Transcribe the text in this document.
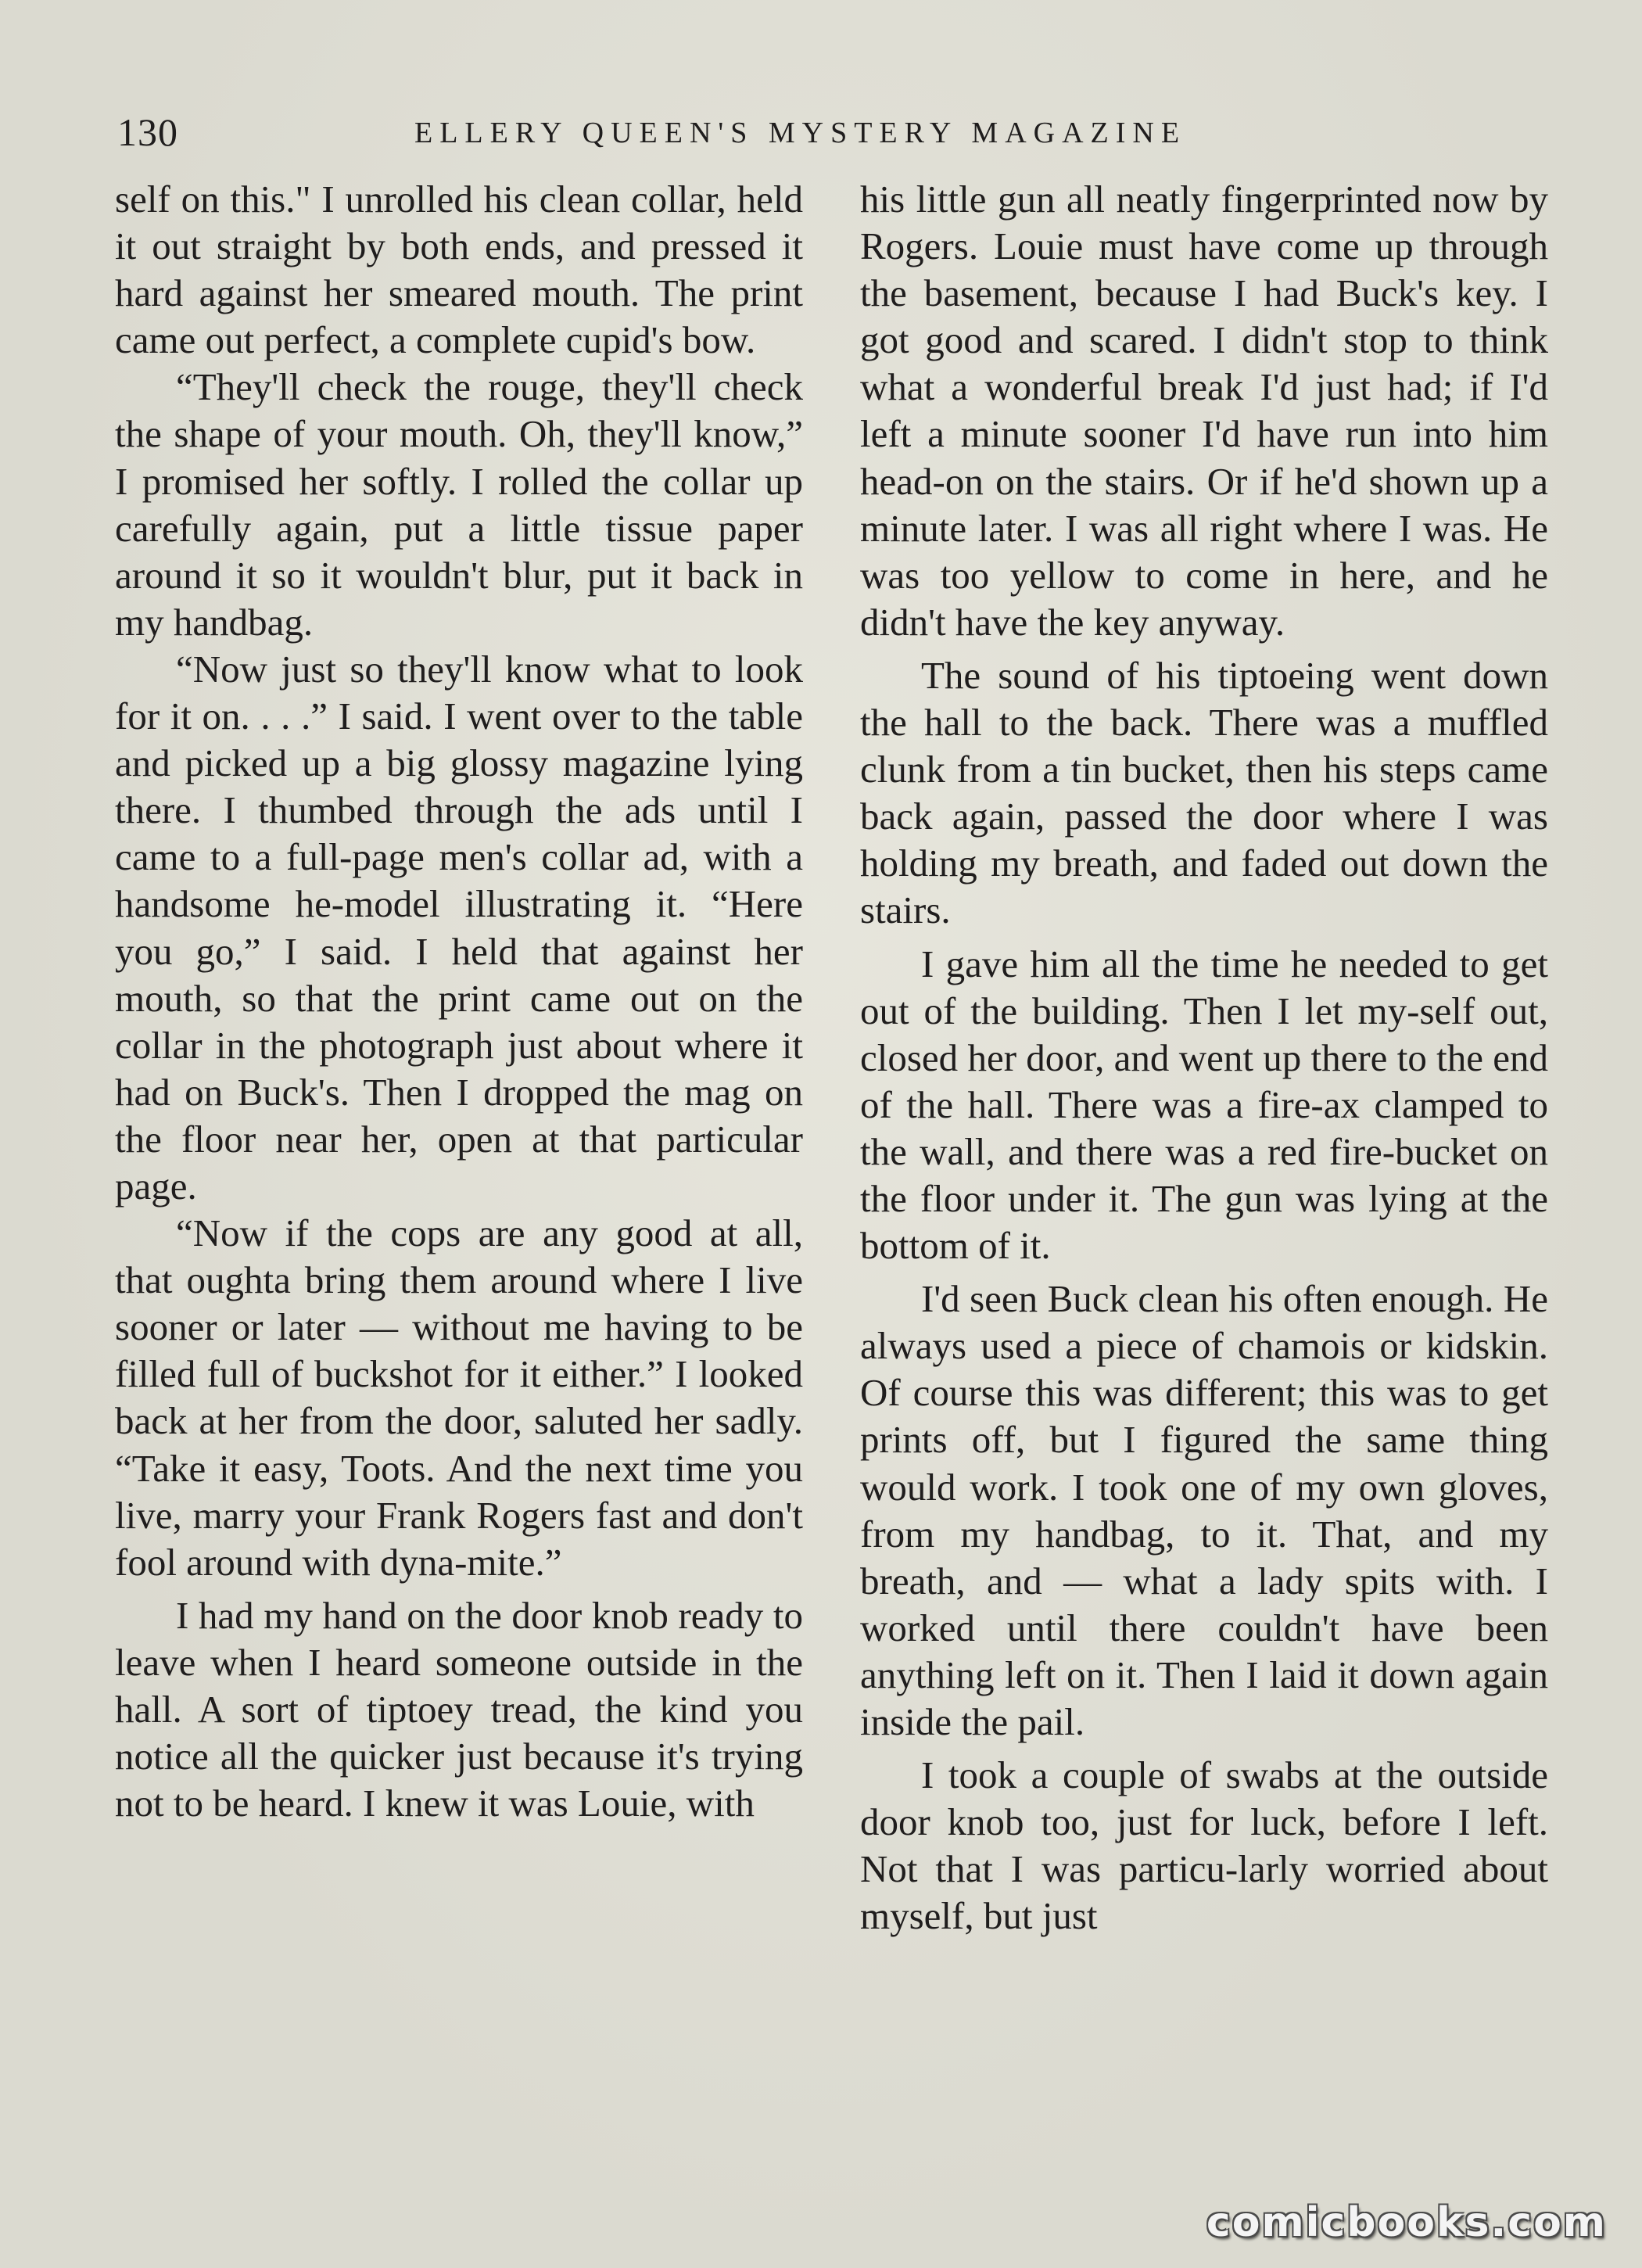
130	ELLERY QUEEN'S MYSTERY MAGAZINE

self on this." I unrolled his clean collar, held it out straight by both ends, and pressed it hard against her smeared mouth. The print came out perfect, a complete cupid's bow.

“They'll check the rouge, they'll check the shape of your mouth. Oh, they'll know,” I promised her softly. I rolled the collar up carefully again, put a little tissue paper around it so it wouldn't blur, put it back in my handbag.

“Now just so they'll know what to look for it on. . . .” I said. I went over to the table and picked up a big glossy magazine lying there. I thumbed through the ads until I came to a full-page men's collar ad, with a handsome he-model illustrating it. “Here you go,” I said. I held that against her mouth, so that the print came out on the collar in the photograph just about where it had on Buck's. Then I dropped the mag on the floor near her, open at that particular page.

“Now if the cops are any good at all, that oughta bring them around where I live sooner or later — without me having to be filled full of buckshot for it either.” I looked back at her from the door, saluted her sadly. “Take it easy, Toots. And the next time you live, marry your Frank Rogers fast and don't fool around with dyna-mite.”

I had my hand on the door knob ready to leave when I heard someone outside in the hall. A sort of tiptoey tread, the kind you notice all the quicker just because it's trying not to be heard. I knew it was Louie, with

his little gun all neatly fingerprinted now by Rogers. Louie must have come up through the basement, because I had Buck's key. I got good and scared. I didn't stop to think what a wonderful break I'd just had; if I'd left a minute sooner I'd have run into him head-on on the stairs. Or if he'd shown up a minute later. I was all right where I was. He was too yellow to come in here, and he didn't have the key anyway.

The sound of his tiptoeing went down the hall to the back. There was a muffled clunk from a tin bucket, then his steps came back again, passed the door where I was holding my breath, and faded out down the stairs.

I gave him all the time he needed to get out of the building. Then I let my-self out, closed her door, and went up there to the end of the hall. There was a fire-ax clamped to the wall, and there was a red fire-bucket on the floor under it. The gun was lying at the bottom of it.

I'd seen Buck clean his often enough. He always used a piece of chamois or kidskin. Of course this was different; this was to get prints off, but I figured the same thing would work. I took one of my own gloves, from my handbag, to it. That, and my breath, and — what a lady spits with. I worked until there couldn't have been anything left on it. Then I laid it down again inside the pail.

I took a couple of swabs at the outside door knob too, just for luck, before I left. Not that I was particu-larly worried about myself, but just

comicbooks.com
